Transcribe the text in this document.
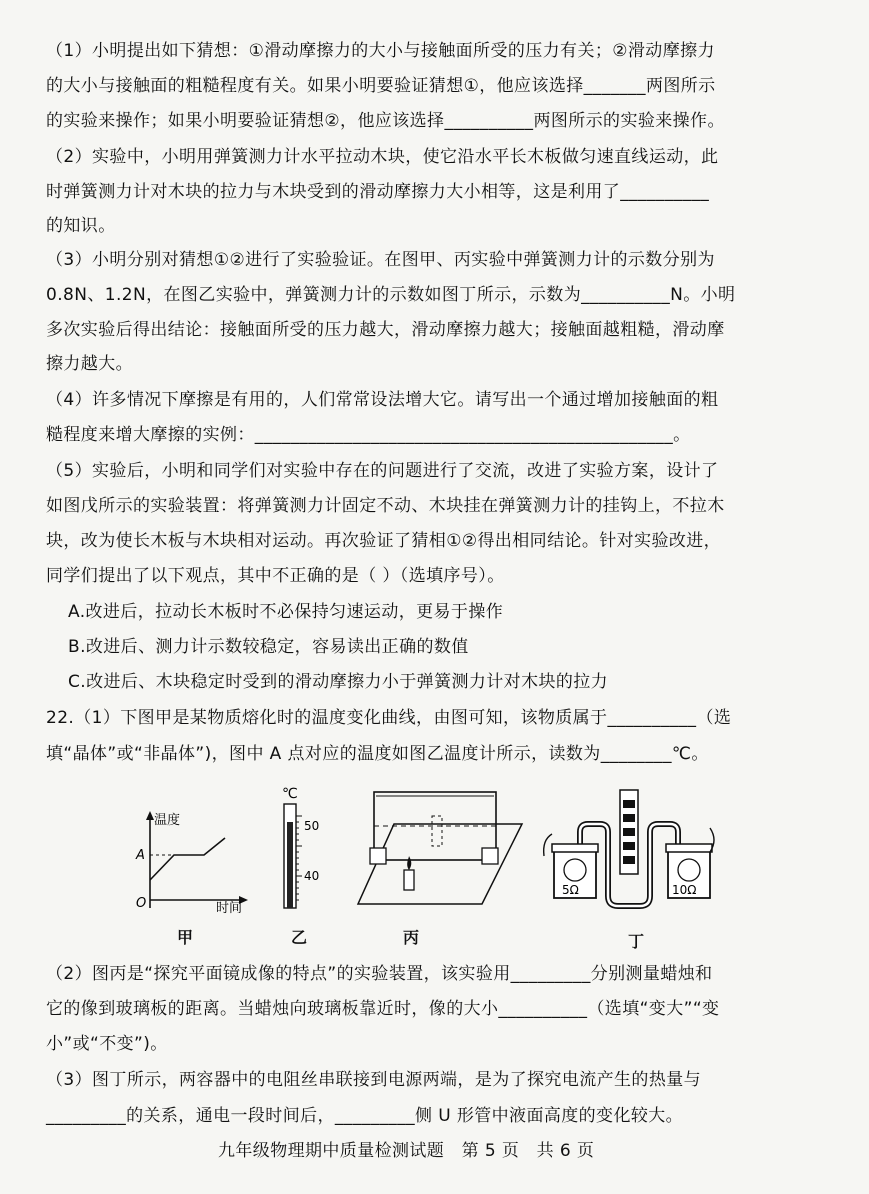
（1）小明提出如下猜想：①滑动摩擦力的大小与接触面所受的压力有关；②滑动摩擦力
的大小与接触面的粗糙程度有关。如果小明要验证猜想①，他应该选择_______两图所示
的实验来操作；如果小明要验证猜想②，他应该选择__________两图所示的实验来操作。
（2）实验中，小明用弹簧测力计水平拉动木块，使它沿水平长木板做匀速直线运动，此
时弹簧测力计对木块的拉力与木块受到的滑动摩擦力大小相等，这是利用了__________
的知识。
（3）小明分别对猜想①②进行了实验验证。在图甲、丙实验中弹簧测力计的示数分别为
0.8N、1.2N，在图乙实验中，弹簧测力计的示数如图丁所示，示数为__________N。小明
多次实验后得出结论：接触面所受的压力越大，滑动摩擦力越大；接触面越粗糙，滑动摩
擦力越大。
（4）许多情况下摩擦是有用的，人们常常设法增大它。请写出一个通过增加接触面的粗
糙程度来增大摩擦的实例：_______________________________________________。
（5）实验后，小明和同学们对实验中存在的问题进行了交流，改进了实验方案，设计了
如图戊所示的实验装置：将弹簧测力计固定不动、木块挂在弹簧测力计的挂钩上，不拉木
块，改为使长木板与木块相对运动。再次验证了猜相①②得出相同结论。针对实验改进，
同学们提出了以下观点，其中不正确的是（ ）（选填序号）。
A.改进后，拉动长木板时不必保持匀速运动，更易于操作
B.改进后、测力计示数较稳定，容易读出正确的数值
C.改进后、木块稳定时受到的滑动摩擦力小于弹簧测力计对木块的拉力
22.（1）下图甲是某物质熔化时的温度变化曲线，由图可知，该物质属于__________（选
填“晶体”或“非晶体”)，图中 A 点对应的温度如图乙温度计所示，读数为________℃。
温度
A
O	时间
甲
℃
50
40
乙	丙
5Ω	10Ω
丁
（2）图丙是“探究平面镜成像的特点”的实验装置，该实验用_________分别测量蜡烛和
它的像到玻璃板的距离。当蜡烛向玻璃板靠近时，像的大小__________（选填“变大”“变
小”或“不变”)。
（3）图丁所示，两容器中的电阻丝串联接到电源两端，是为了探究电流产生的热量与
_________的关系，通电一段时间后，_________侧 U 形管中液面高度的变化较大。
九年级物理期中质量检测试题   第 5 页   共 6 页
